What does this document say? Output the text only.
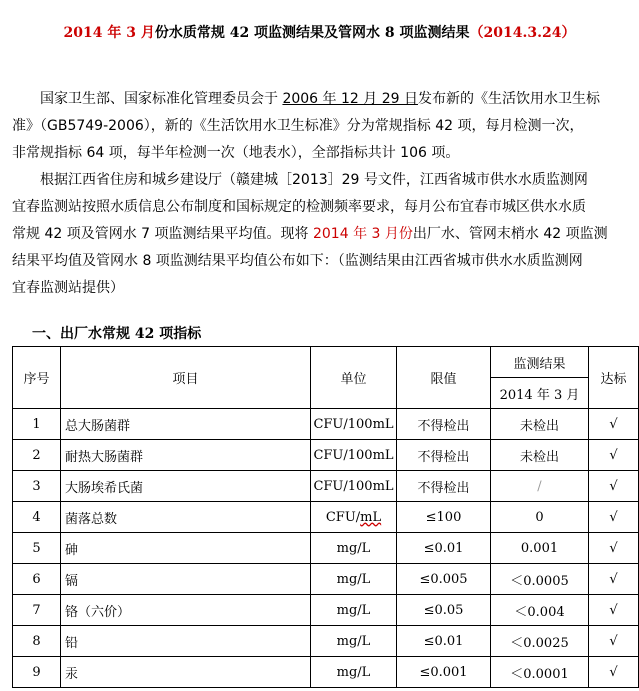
2014 年 3 月份水质常规 42 项监测结果及管网水 8 项监测结果（2014.3.24）
　　国家卫生部、国家标准化管理委员会于 2006 年 12 月 29 日发布新的《生活饮用水卫生标
准》（GB5749-2006），新的《生活饮用水卫生标准》分为常规指标 42 项，每月检测一次，
非常规指标 64 项，每半年检测一次（地表水），全部指标共计 106 项。
　　根据江西省住房和城乡建设厅（赣建城［2013］29 号文件，江西省城市供水水质监测网
宜春监测站按照水质信息公布制度和国标规定的检测频率要求，每月公布宜春市城区供水水质
常规 42 项及管网水 7 项监测结果平均值。现将 2014 年 3 月份出厂水、管网末梢水 42 项监测
结果平均值及管网水 8 项监测结果平均值公布如下：（监测结果由江西省城市供水水质监测网
宜春监测站提供）
一、出厂水常规 42 项指标
序号	项目	单位	限值	监测结果	达标
				2014 年 3 月	
1	总大肠菌群	CFU/100mL	不得检出	未检出	√
2	耐热大肠菌群	CFU/100mL	不得检出	未检出	√
3	大肠埃希氏菌	CFU/100mL	不得检出	/	√
4	菌落总数	CFU/mL	≤100	0	√
5	砷	mg/L	≤0.01	0.001	√
6	镉	mg/L	≤0.005	＜0.0005	√
7	铬（六价）	mg/L	≤0.05	＜0.004	√
8	铅	mg/L	≤0.01	＜0.0025	√
9	汞	mg/L	≤0.001	＜0.0001	√
